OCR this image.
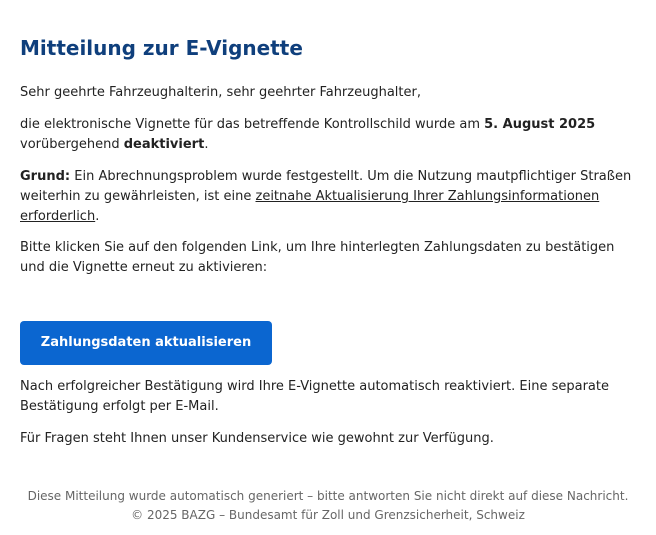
Mitteilung zur E-Vignette

Sehr geehrte Fahrzeughalterin, sehr geehrter Fahrzeughalter,

die elektronische Vignette für das betreffende Kontrollschild wurde am 5. August 2025 vorübergehend deaktiviert.

Grund: Ein Abrechnungsproblem wurde festgestellt. Um die Nutzung mautpflichtiger Straßen weiterhin zu gewährleisten, ist eine zeitnahe Aktualisierung Ihrer Zahlungsinformationen erforderlich.

Bitte klicken Sie auf den folgenden Link, um Ihre hinterlegten Zahlungsdaten zu bestätigen und die Vignette erneut zu aktivieren:

Zahlungsdaten aktualisieren

Nach erfolgreicher Bestätigung wird Ihre E-Vignette automatisch reaktiviert. Eine separate Bestätigung erfolgt per E-Mail.

Für Fragen steht Ihnen unser Kundenservice wie gewohnt zur Verfügung.

Diese Mitteilung wurde automatisch generiert – bitte antworten Sie nicht direkt auf diese Nachricht.
© 2025 BAZG – Bundesamt für Zoll und Grenzsicherheit, Schweiz
